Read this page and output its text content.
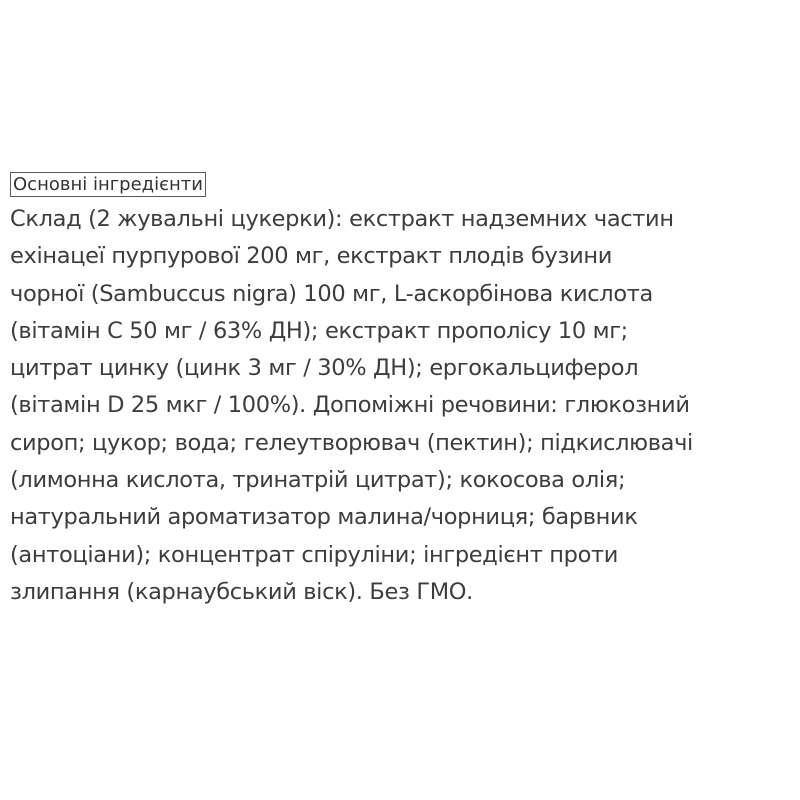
Основні інгредієнти
Склад (2 жувальні цукерки): екстракт надземних частин
ехінацеї пурпурової 200 мг, екстракт плодів бузини
чорної (Sambuccus nigra) 100 мг, L-аскорбінова кислота
(вітамін С 50 мг / 63% ДН); екстракт прополісу 10 мг;
цитрат цинку (цинк 3 мг / 30% ДН); ергокальциферол
(вітамін D 25 мкг / 100%). Допоміжні речовини: глюкозний
сироп; цукор; вода; гелеутворювач (пектин); підкислювачі
(лимонна кислота, тринатрій цитрат); кокосова олія;
натуральний ароматизатор малина/чорниця; барвник
(антоціани); концентрат спіруліни; інгредієнт проти
злипання (карнаубський віск). Без ГМО.
